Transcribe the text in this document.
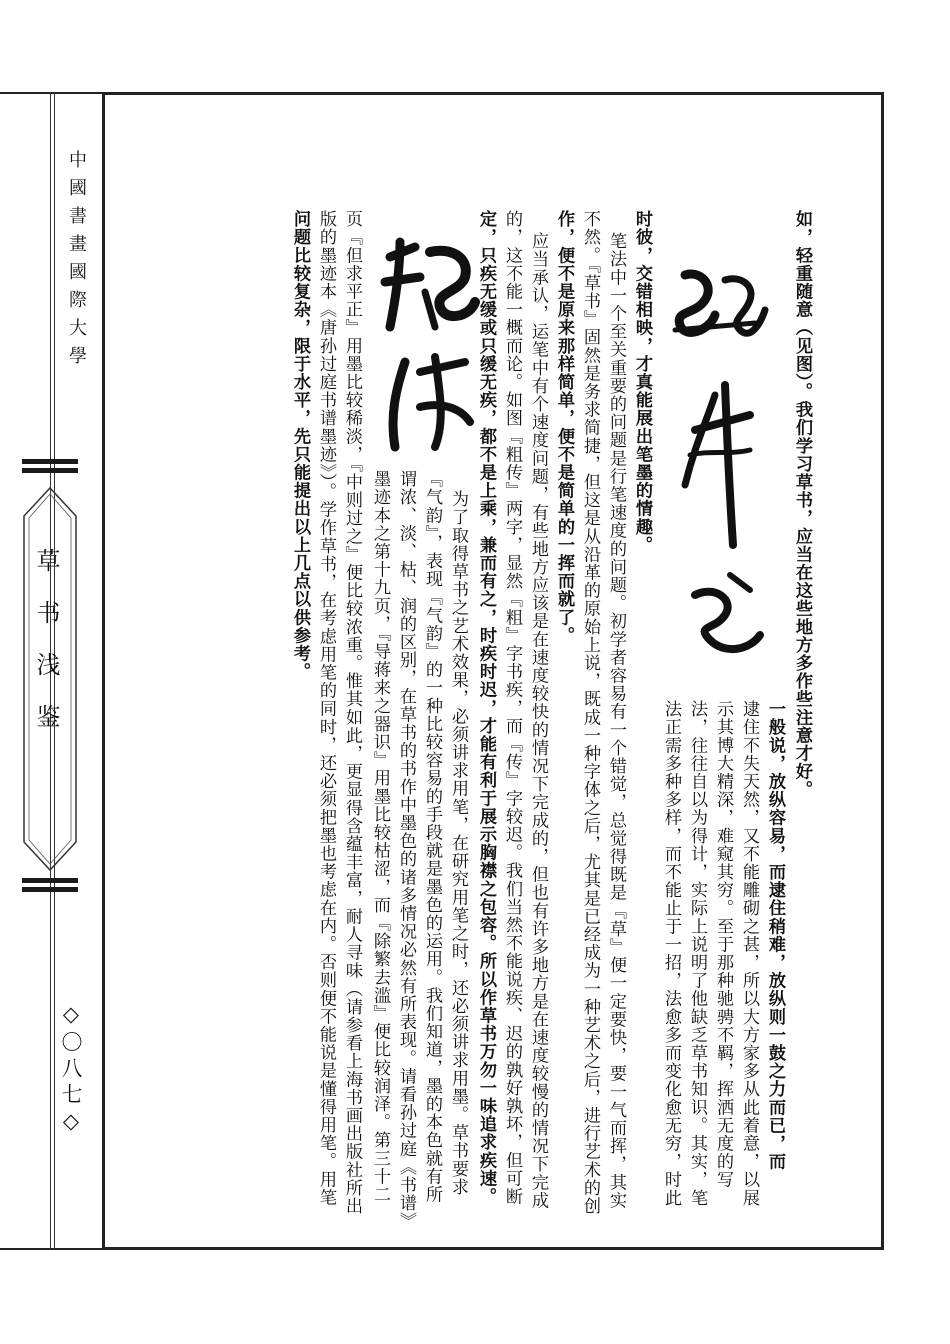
中國書畫國際大學
草书浅鉴
◇〇八七◇
疏能
粗传	如，轻重随意（见图）。我们学习草书，应当在这些地方多作些注意才好。
一般说，放纵容易，而逮住稍难，放纵则一鼓之力而已，而
逮住不失天然，又不能雕砌之甚，所以大方家多从此着意，以展
示其博大精深，难窥其穷。至于那种驰骋不羁，挥洒无度的写
法，往往自以为得计，实际上说明了他缺乏草书知识。其实，笔
法正需多种多样，而不能止于一招，法愈多而变化愈无穷，时此
时彼，交错相映，才真能展出笔墨的情趣。
笔法中一个至关重要的问题是行笔速度的问题。初学者容易有一个错觉，总觉得既是『草』便一定要快，要一气而挥，其实
不然。『草书』固然是务求简捷，但这是从沿革的原始上说，既成一种字体之后，尤其是已经成为一种艺术之后，进行艺术的创
作，便不是原来那样简单，便不是简单的一挥而就了。
应当承认，运笔中有个速度问题，有些地方应该是在速度较快的情况下完成的，但也有许多地方是在速度较慢的情况下完成
的，这不能一概而论。如图『粗传』两字，显然『粗』字书疾，而『传』字较迟。我们当然不能说疾、迟的孰好孰坏，但可断
定，只疾无缓或只缓无疾，都不是上乘，兼而有之，时疾时迟，才能有利于展示胸襟之包容。所以作草书万勿一味追求疾速。
为了取得草书之艺术效果，必须讲求用笔，在研究用笔之时，还必须讲求用墨。草书要求
『气韵』，表现『气韵』的一种比较容易的手段就是墨色的运用。我们知道，墨的本色就有所
谓浓、淡、枯、润的区别，在草书的书作中墨色的诸多情况必然有所表现。请看孙过庭《书谱》
墨迹本之第十九页，『导蒋来之器识』用墨比较枯涩，而『除繁去滥』便比较润泽。第三十二
页『但求平正』用墨比较稀淡，『中则过之』便比较浓重。惟其如此，更显得含蕴丰富，耐人寻味（请参看上海书画出版社所出
版的墨迹本《唐孙过庭书谱墨迹》）。学作草书，在考虑用笔的同时，还必须把墨也考虑在内。否则便不能说是懂得用笔。用笔
问题比较复杂，限于水平，先只能提出以上几点以供参考。
